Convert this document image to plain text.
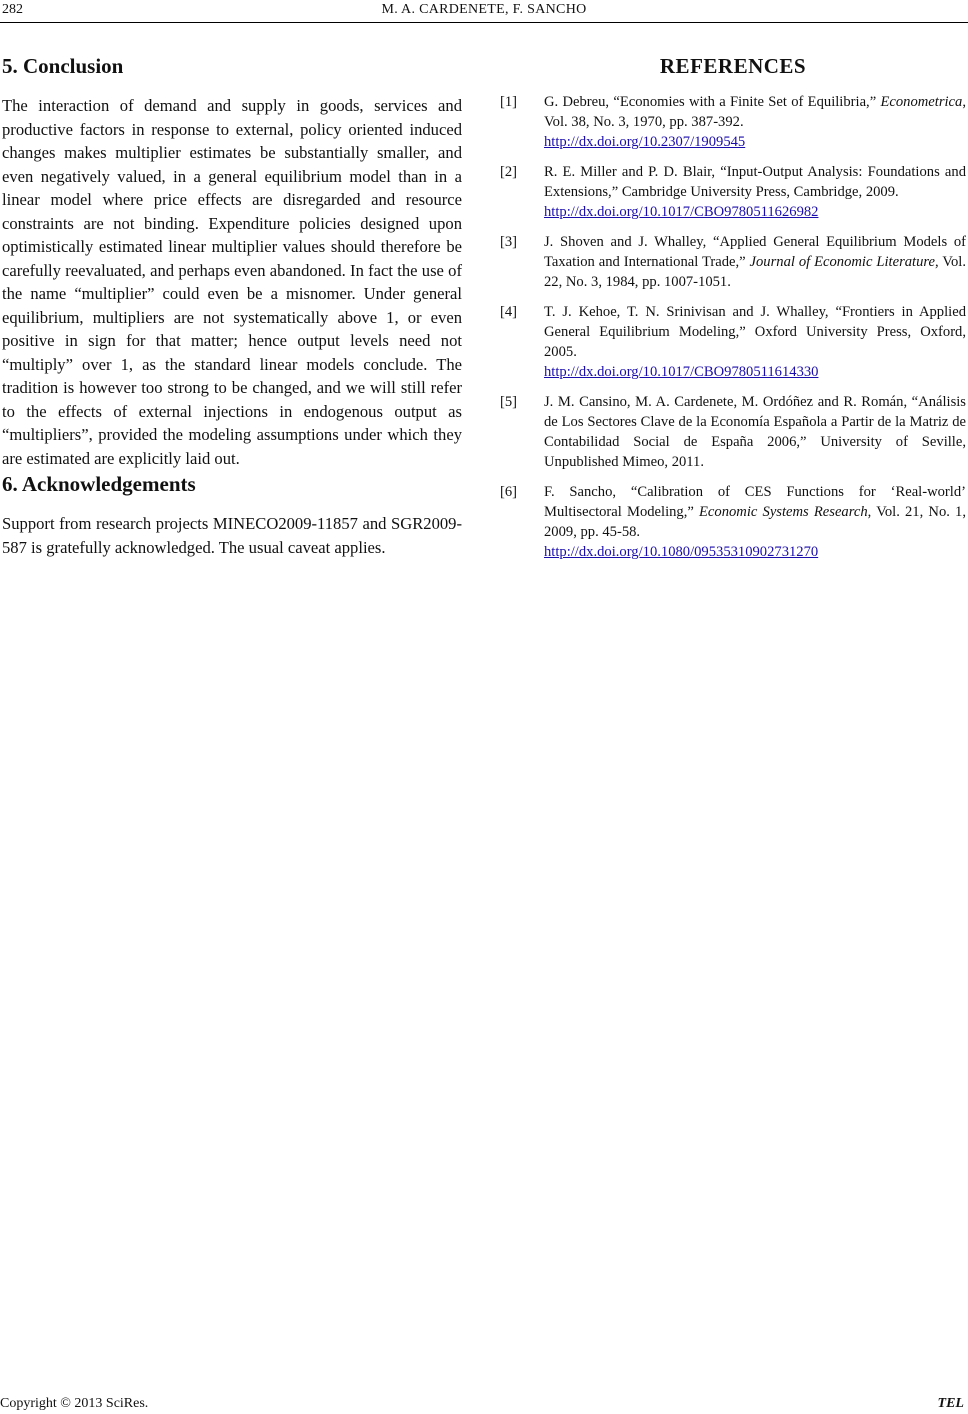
282	M. A. CARDENETE, F. SANCHO
5. Conclusion

The interaction of demand and supply in goods, services and productive factors in response to external, policy oriented induced changes makes multiplier estimates be substantially smaller, and even negatively valued, in a general equilibrium model than in a linear model where price effects are disregarded and resource constraints are not binding. Expenditure policies designed upon optimistically estimated linear multiplier values should therefore be carefully reevaluated, and perhaps even abandoned. In fact the use of the name “multiplier” could even be a misnomer. Under general equilibrium, multipliers are not systematically above 1, or even positive in sign for that matter; hence output levels need not “multiply” over 1, as the standard linear models conclude. The tradition is however too strong to be changed, and we will still refer to the effects of external injections in endogenous output as “multipliers”, provided the modeling assumptions under which they are estimated are explicitly laid out.

6. Acknowledgements

Support from research projects MINECO2009-11857 and SGR2009-587 is gratefully acknowledged. The usual caveat applies.

REFERENCES
[1]	G. Debreu, “Economies with a Finite Set of Equilibria,” Econometrica, Vol. 38, No. 3, 1970, pp. 387-392.
http://dx.doi.org/10.2307/1909545
[2]	R. E. Miller and P. D. Blair, “Input-Output Analysis: Foundations and Extensions,” Cambridge University Press, Cambridge, 2009.
http://dx.doi.org/10.1017/CBO9780511626982
[3]	J. Shoven and J. Whalley, “Applied General Equilibrium Models of Taxation and International Trade,” Journal of Economic Literature, Vol. 22, No. 3, 1984, pp. 1007-1051.
[4]	T. J. Kehoe, T. N. Srinivisan and J. Whalley, “Frontiers in Applied General Equilibrium Modeling,” Oxford University Press, Oxford, 2005.
http://dx.doi.org/10.1017/CBO9780511614330
[5]	J. M. Cansino, M. A. Cardenete, M. Ordóñez and R. Román, “Análisis de Los Sectores Clave de la Economía Española a Partir de la Matriz de Contabilidad Social de España 2006,” University of Seville, Unpublished Mimeo, 2011.
[6]	F. Sancho, “Calibration of CES Functions for ‘Real-world’ Multisectoral Modeling,” Economic Systems Research, Vol. 21, No. 1, 2009, pp. 45-58.
http://dx.doi.org/10.1080/09535310902731270
Copyright © 2013 SciRes.	TEL
